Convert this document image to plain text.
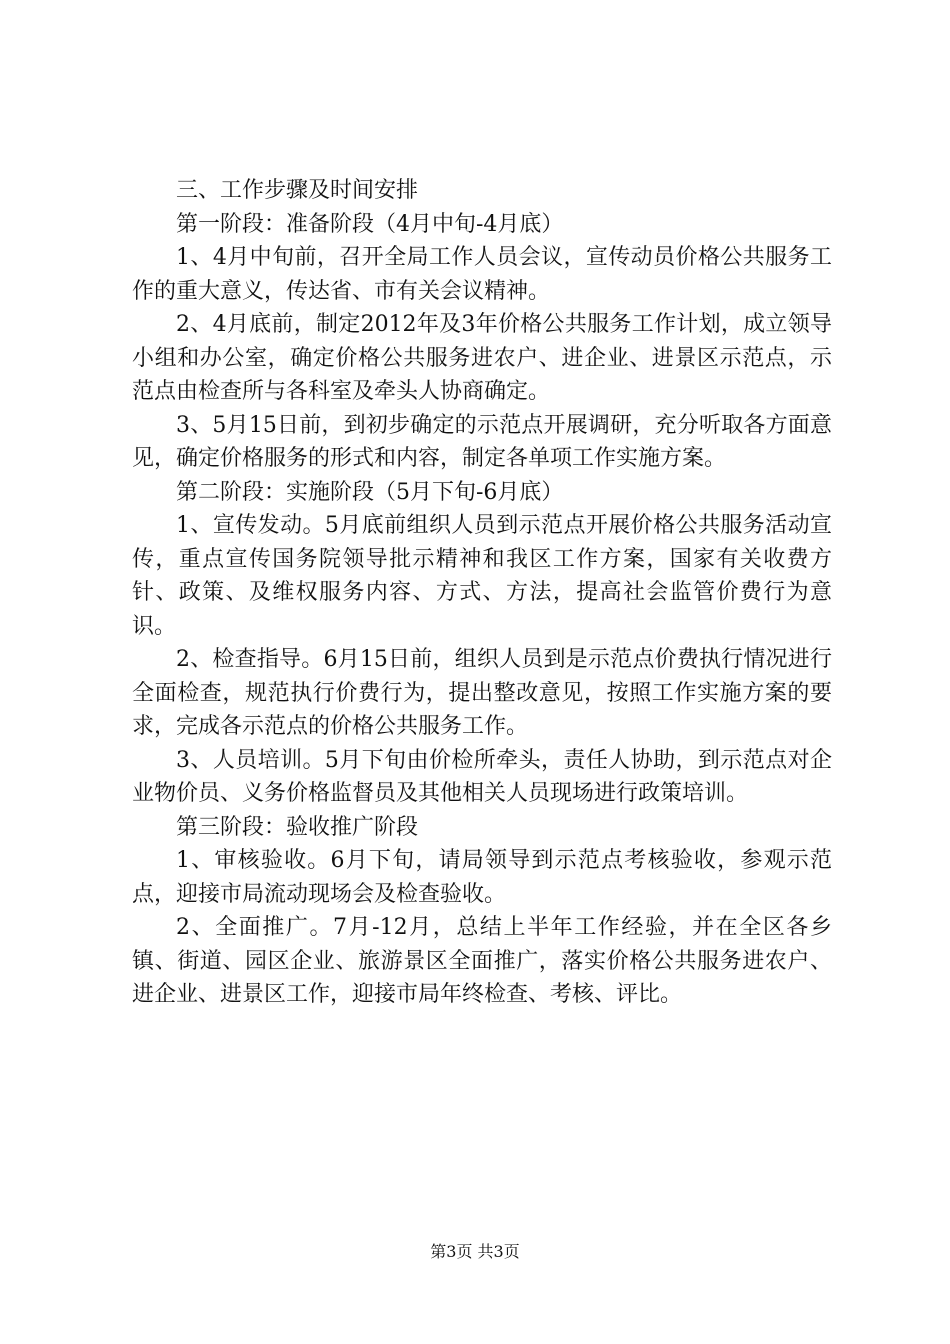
三、工作步骤及时间安排

第一阶段：准备阶段（4月中旬-4月底）

1、4月中旬前，召开全局工作人员会议，宣传动员价格公共服务工作的重大意义，传达省、市有关会议精神。

2、4月底前，制定2012年及3年价格公共服务工作计划，成立领导小组和办公室，确定价格公共服务进农户、进企业、进景区示范点，示范点由检查所与各科室及牵头人协商确定。

3、5月15日前，到初步确定的示范点开展调研，充分听取各方面意见，确定价格服务的形式和内容，制定各单项工作实施方案。

第二阶段：实施阶段（5月下旬-6月底）

1、宣传发动。5月底前组织人员到示范点开展价格公共服务活动宣传，重点宣传国务院领导批示精神和我区工作方案，国家有关收费方针、政策、及维权服务内容、方式、方法，提高社会监管价费行为意识。

2、检查指导。6月15日前，组织人员到是示范点价费执行情况进行全面检查，规范执行价费行为，提出整改意见，按照工作实施方案的要求，完成各示范点的价格公共服务工作。

3、人员培训。5月下旬由价检所牵头，责任人协助，到示范点对企业物价员、义务价格监督员及其他相关人员现场进行政策培训。

第三阶段：验收推广阶段

1、审核验收。6月下旬，请局领导到示范点考核验收，参观示范点，迎接市局流动现场会及检查验收。

2、全面推广。7月-12月，总结上半年工作经验，并在全区各乡镇、街道、园区企业、旅游景区全面推广，落实价格公共服务进农户、进企业、进景区工作，迎接市局年终检查、考核、评比。

第3页 共3页
